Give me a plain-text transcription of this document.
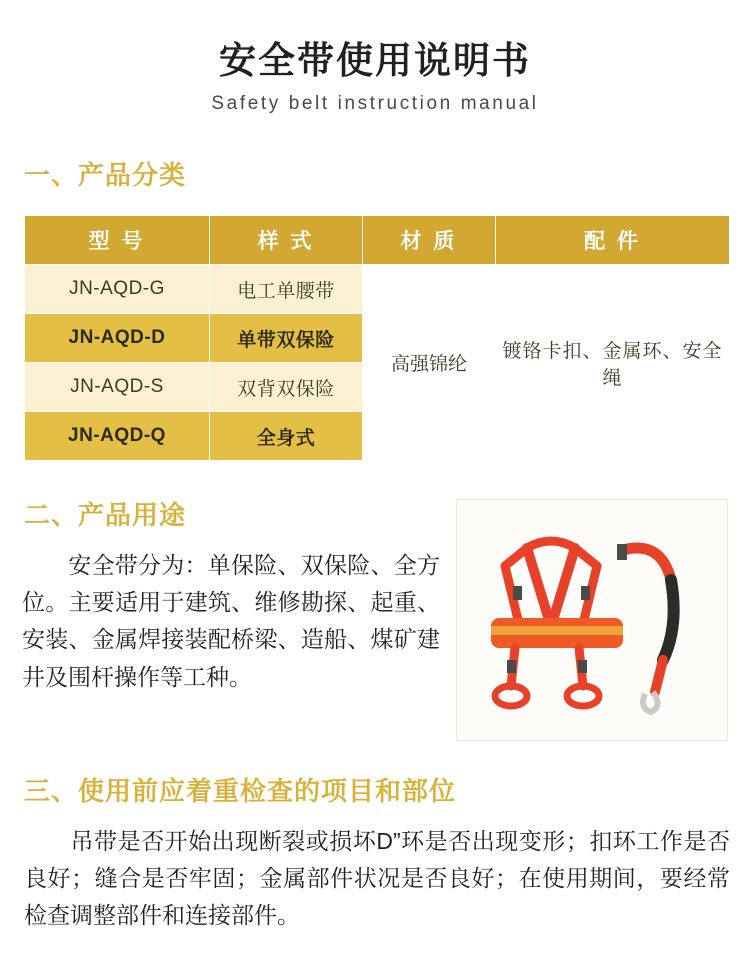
安全带使用说明书
Safety belt instruction manual
一、产品分类
型 号	样 式	材 质	配 件
JN-AQD-G	电工单腰带	高强锦纶	镀铬卡扣、金属环、安全绳
JN-AQD-D	单带双保险		
JN-AQD-S	双背双保险		
JN-AQD-Q	全身式		
二、产品用途
安全带分为：单保险、双保险、全方位。主要适用于建筑、维修勘探、起重、安装、金属焊接装配桥梁、造船、煤矿建井及围杆操作等工种。
三、使用前应着重检查的项目和部位
吊带是否开始出现断裂或损坏D”环是否出现变形；扣环工作是否良好；缝合是否牢固；金属部件状况是否良好；在使用期间，要经常检查调整部件和连接部件。
